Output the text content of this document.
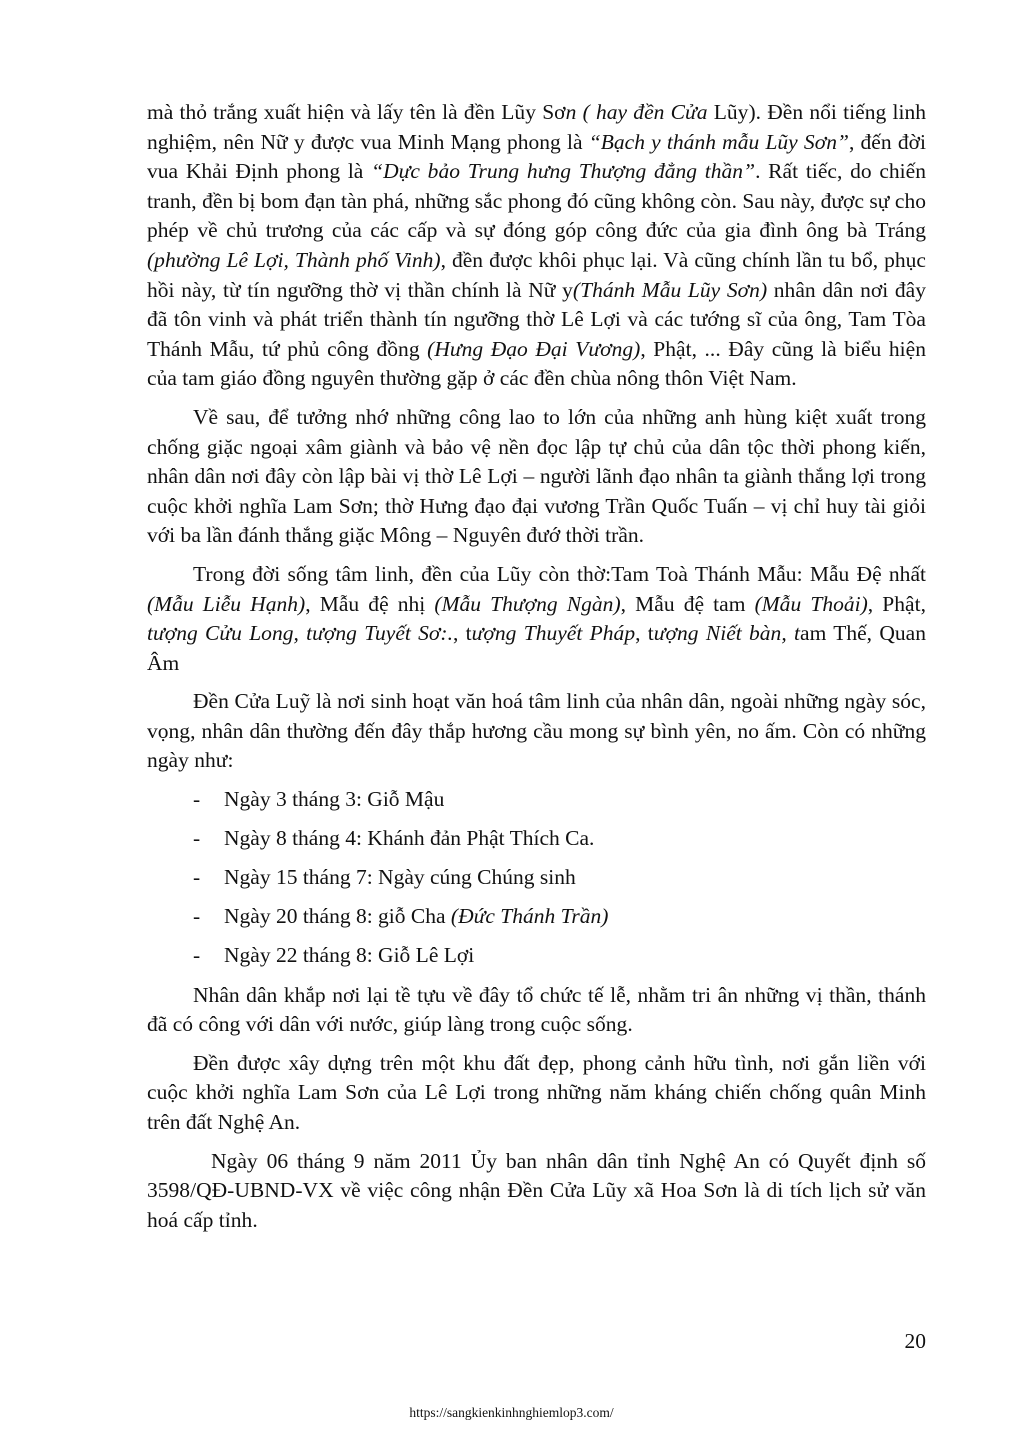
mà thỏ trắng xuất hiện và lấy tên là đền Lũy Sơn ( hay đền Cửa Lũy). Đền nổi tiếng linh nghiệm, nên Nữ y được vua Minh Mạng phong là “Bạch y thánh mẫu Lũy Sơn”, đến đời vua Khải Định phong là “Dực bảo Trung hưng Thượng đẳng thần”. Rất tiếc, do chiến tranh, đền bị bom đạn tàn phá, những sắc phong đó cũng không còn. Sau này, được sự cho phép về chủ trương của các cấp và sự đóng góp công đức của gia đình ông bà Tráng (phường Lê Lợi, Thành phố Vinh), đền được khôi phục lại. Và cũng chính lần tu bổ, phục hồi này, từ tín ngưỡng thờ vị thần chính là Nữ y(Thánh Mẫu Lũy Sơn) nhân dân nơi đây đã tôn vinh và phát triển thành tín ngưỡng thờ Lê Lợi và các tướng sĩ của ông, Tam Tòa Thánh Mẫu, tứ phủ công đồng (Hưng Đạo Đại Vương), Phật, ... Đây cũng là biểu hiện của tam giáo đồng nguyên thường gặp ở các đền chùa nông thôn Việt Nam.

Về sau, để tưởng nhớ những công lao to lớn của những anh hùng kiệt xuất trong chống giặc ngoại xâm giành và bảo vệ nền đọc lập tự chủ của dân tộc thời phong kiến, nhân dân nơi đây còn lập bài vị thờ Lê Lợi – người lãnh đạo nhân ta giành thắng lợi trong cuộc khởi nghĩa Lam Sơn; thờ Hưng đạo đại vương Trần Quốc Tuấn – vị chỉ huy tài giỏi với ba lần đánh thắng giặc Mông – Nguyên đướ thời trần.

Trong đời sống tâm linh, đền của Lũy còn thờ:Tam Toà Thánh Mẫu: Mẫu Đệ nhất (Mẫu Liễu Hạnh), Mẫu đệ nhị (Mẫu Thượng Ngàn), Mẫu đệ tam (Mẫu Thoải), Phật, tượng Cửu Long, tượng Tuyết Sơ:., tượng Thuyết Pháp, tượng Niết bàn, tam Thế, Quan Âm

Đền Cửa Luỹ là nơi sinh hoạt văn hoá tâm linh của nhân dân, ngoài những ngày sóc, vọng, nhân dân thường đến đây thắp hương cầu mong sự bình yên, no ấm. Còn có những ngày như:

- Ngày 3 tháng 3: Giỗ Mậu
- Ngày 8 tháng 4: Khánh đản Phật Thích Ca.
- Ngày 15 tháng 7: Ngày cúng Chúng sinh
- Ngày 20 tháng 8: giỗ Cha (Đức Thánh Trần)
- Ngày 22 tháng 8: Giỗ Lê Lợi

Nhân dân khắp nơi lại tề tựu về đây tổ chức tế lễ, nhằm tri ân những vị thần, thánh đã có công với dân với nước, giúp làng trong cuộc sống.

Đền được xây dựng trên một khu đất đẹp, phong cảnh hữu tình, nơi gắn liền với cuộc khởi nghĩa Lam Sơn của Lê Lợi trong những năm kháng chiến chống quân Minh trên đất Nghệ An.

Ngày 06 tháng 9 năm 2011 Ủy ban nhân dân tỉnh Nghệ An có Quyết định số 3598/QĐ-UBND-VX về việc công nhận Đền Cửa Lũy xã Hoa Sơn là di tích lịch sử văn hoá cấp tỉnh.

20
https://sangkienkinhnghiemlop3.com/
